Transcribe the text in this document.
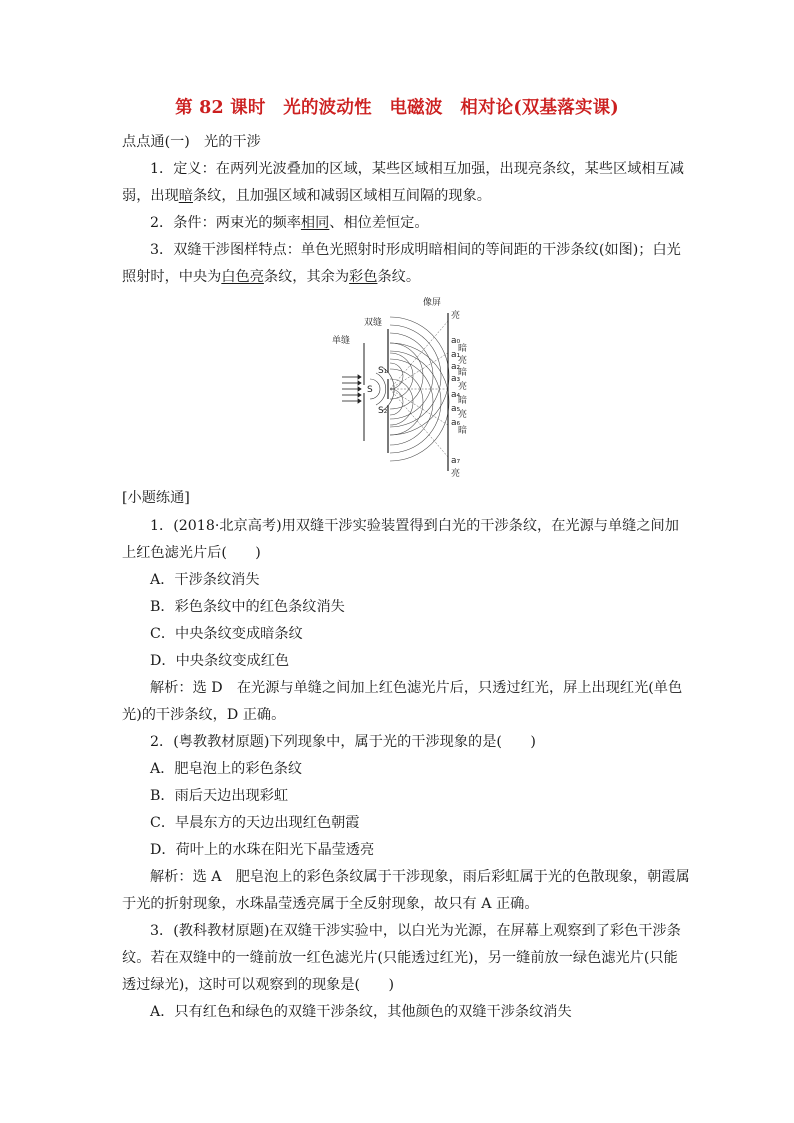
第 82 课时　光的波动性　电磁波　相对论(双基落实课)
点点通(一)　光的干涉
1．定义：在两列光波叠加的区域，某些区域相互加强，出现亮条纹，某些区域相互减
弱，出现暗条纹，且加强区域和减弱区域相互间隔的现象。
2．条件：两束光的频率相同、相位差恒定。
3．双缝干涉图样特点：单色光照射时形成明暗相间的等间距的干涉条纹(如图)；白光
照射时，中央为白色亮条纹，其余为彩色条纹。
像屏
双缝
单缝
S
S₁
S₂
亮
a₀
暗
a₁
亮
a₂
暗
a₃
亮
a₄
暗
a₅
亮
a₆
暗
a₇
亮
[小题练通]
1．(2018·北京高考)用双缝干涉实验装置得到白光的干涉条纹，在光源与单缝之间加
上红色滤光片后(　　)
A．干涉条纹消失
B．彩色条纹中的红色条纹消失
C．中央条纹变成暗条纹
D．中央条纹变成红色
解析：选 D　在光源与单缝之间加上红色滤光片后，只透过红光，屏上出现红光(单色
光)的干涉条纹，D 正确。
2．(粤教教材原题)下列现象中，属于光的干涉现象的是(　　)
A．肥皂泡上的彩色条纹
B．雨后天边出现彩虹
C．早晨东方的天边出现红色朝霞
D．荷叶上的水珠在阳光下晶莹透亮
解析：选 A　肥皂泡上的彩色条纹属于干涉现象，雨后彩虹属于光的色散现象，朝霞属
于光的折射现象，水珠晶莹透亮属于全反射现象，故只有 A 正确。
3．(教科教材原题)在双缝干涉实验中，以白光为光源，在屏幕上观察到了彩色干涉条
纹。若在双缝中的一缝前放一红色滤光片(只能透过红光)，另一缝前放一绿色滤光片(只能
透过绿光)，这时可以观察到的现象是(　　)
A．只有红色和绿色的双缝干涉条纹，其他颜色的双缝干涉条纹消失
